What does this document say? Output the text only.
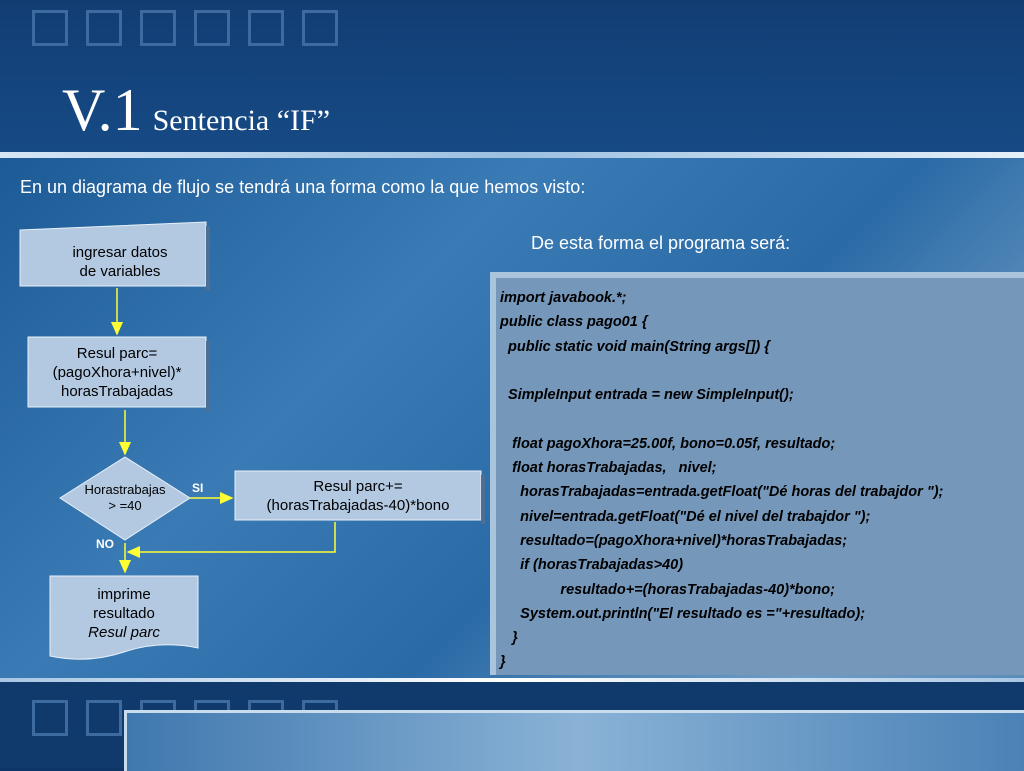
V.1 Sentencia “IF”
En un diagrama de flujo se tendrá una forma como la que hemos visto:
De esta forma el programa será:
ingresar datos
de variables
Resul parc=
(pagoXhora+nivel)*
horasTrabajadas
Horastrabajas
> =40
Resul parc+=
(horasTrabajadas-40)*bono
imprime
resultado
Resul parc
SI
NO
import javabook.*;
public class pago01 {
public static void main(String args[]) {
SimpleInput entrada = new SimpleInput();
float pagoXhora=25.00f, bono=0.05f, resultado;
float horasTrabajadas,   nivel;
horasTrabajadas=entrada.getFloat("Dé horas del trabajdor ");
nivel=entrada.getFloat("Dé el nivel del trabajdor ");
resultado=(pagoXhora+nivel)*horasTrabajadas;
if (horasTrabajadas>40)
resultado+=(horasTrabajadas-40)*bono;
System.out.println("El resultado es ="+resultado);
}
}
